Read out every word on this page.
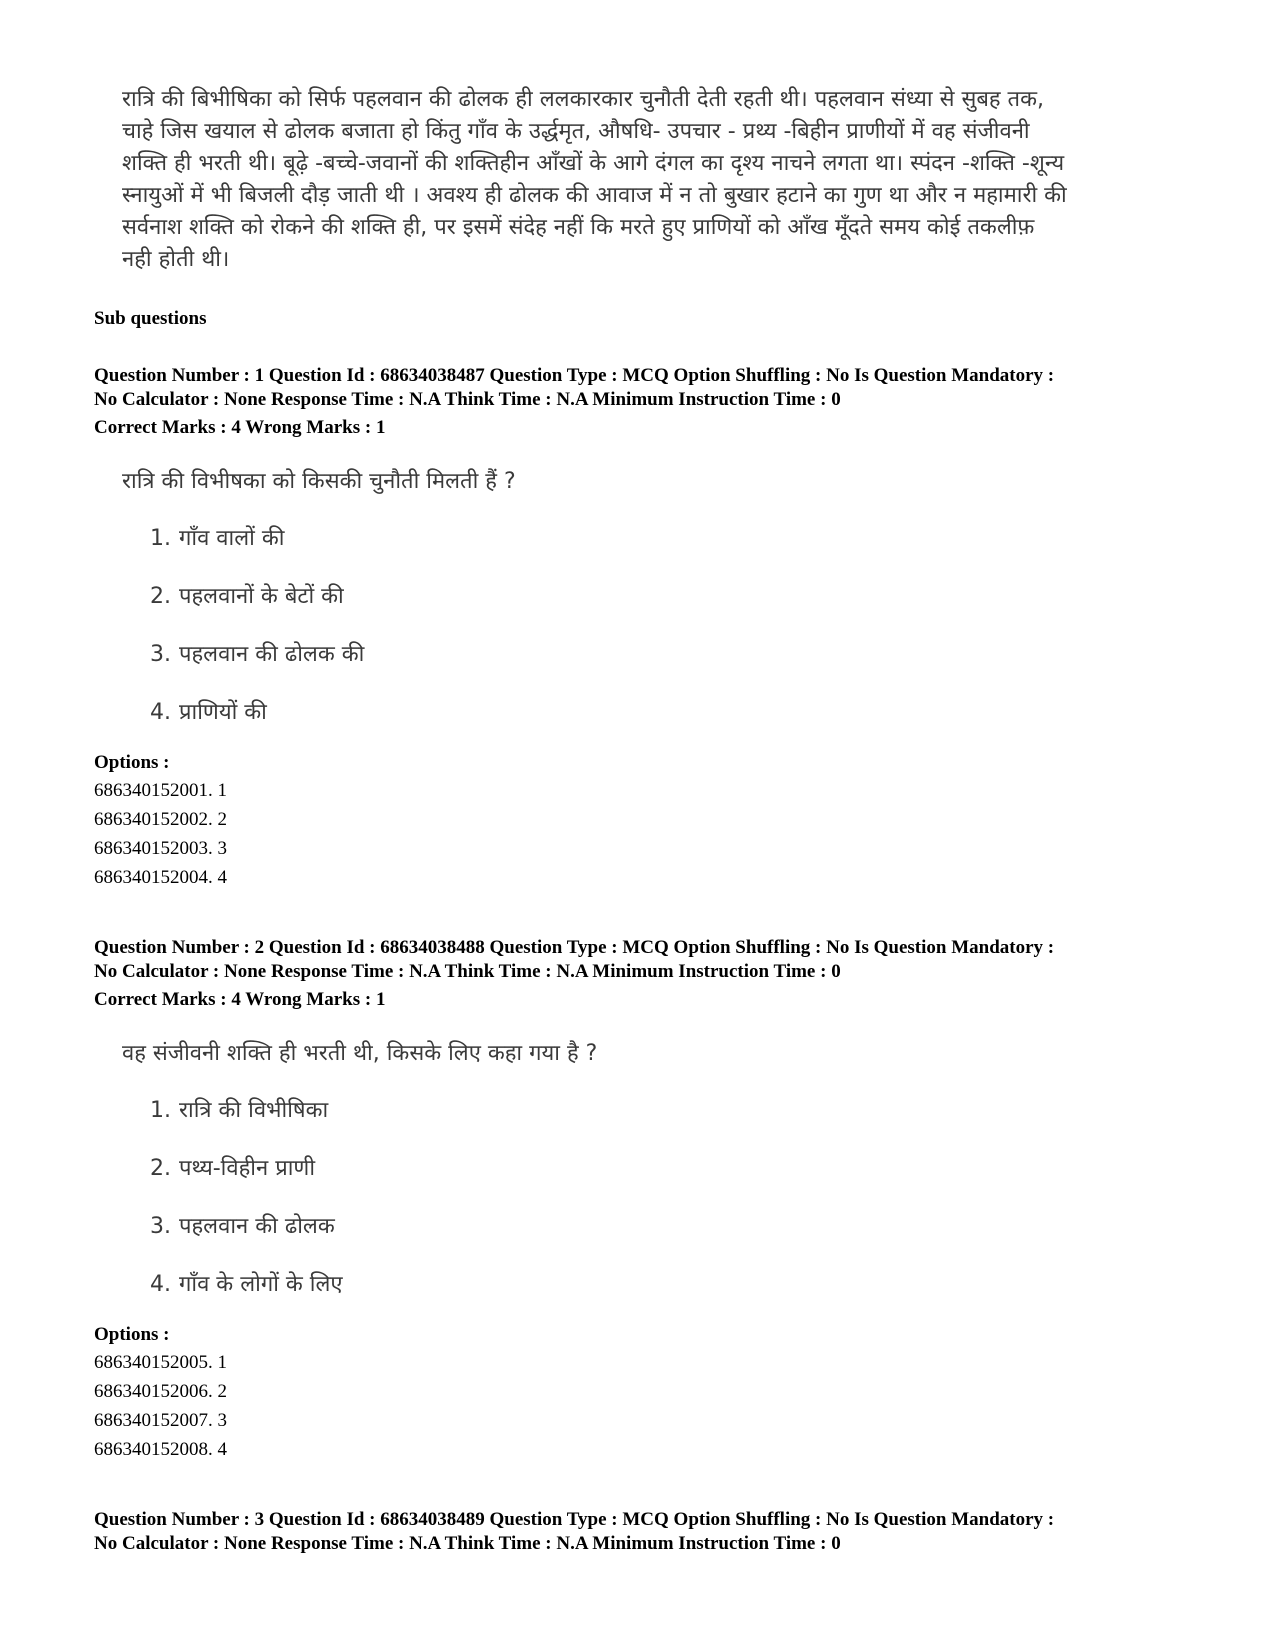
रात्रि की बिभीषिका को सिर्फ पहलवान की ढोलक ही ललकारकार चुनौती देती रहती थी। पहलवान संध्या से सुबह तक,
चाहे जिस खयाल से ढोलक बजाता हो किंतु गाँव के उर्द्धमृत, औषधि- उपचार - प्रथ्य -बिहीन प्राणीयों में वह संजीवनी
शक्ति ही भरती थी। बूढ़े -बच्चे-जवानों की शक्तिहीन आँखों के आगे दंगल का दृश्य नाचने लगता था। स्पंदन -शक्ति -शून्य
स्नायुओं में भी बिजली दौड़ जाती थी । अवश्य ही ढोलक की आवाज में न तो बुखार हटाने का गुण था और न महामारी की
सर्वनाश शक्ति को रोकने की शक्ति ही, पर इसमें संदेह नहीं कि मरते हुए प्राणियों को आँख मूँदते समय कोई तकलीफ़
नही होती थी।

Sub questions

Question Number : 1 Question Id : 68634038487 Question Type : MCQ Option Shuffling : No Is Question Mandatory :
No Calculator : None Response Time : N.A Think Time : N.A Minimum Instruction Time : 0

Correct Marks : 4 Wrong Marks : 1

रात्रि की विभीषका को किसकी चुनौती मिलती हैं ?
1. गाँव वालों की
2. पहलवानों के बेटों की
3. पहलवान की ढोलक की
4. प्राणियों की

Options :

686340152001. 1
686340152002. 2
686340152003. 3
686340152004. 4

Question Number : 2 Question Id : 68634038488 Question Type : MCQ Option Shuffling : No Is Question Mandatory :
No Calculator : None Response Time : N.A Think Time : N.A Minimum Instruction Time : 0

Correct Marks : 4 Wrong Marks : 1

वह संजीवनी शक्ति ही भरती थी, किसके लिए कहा गया है ?
1. रात्रि की विभीषिका
2. पथ्य-विहीन प्राणी
3. पहलवान की ढोलक
4. गाँव के लोगों के लिए

Options :

686340152005. 1
686340152006. 2
686340152007. 3
686340152008. 4

Question Number : 3 Question Id : 68634038489 Question Type : MCQ Option Shuffling : No Is Question Mandatory :
No Calculator : None Response Time : N.A Think Time : N.A Minimum Instruction Time : 0
